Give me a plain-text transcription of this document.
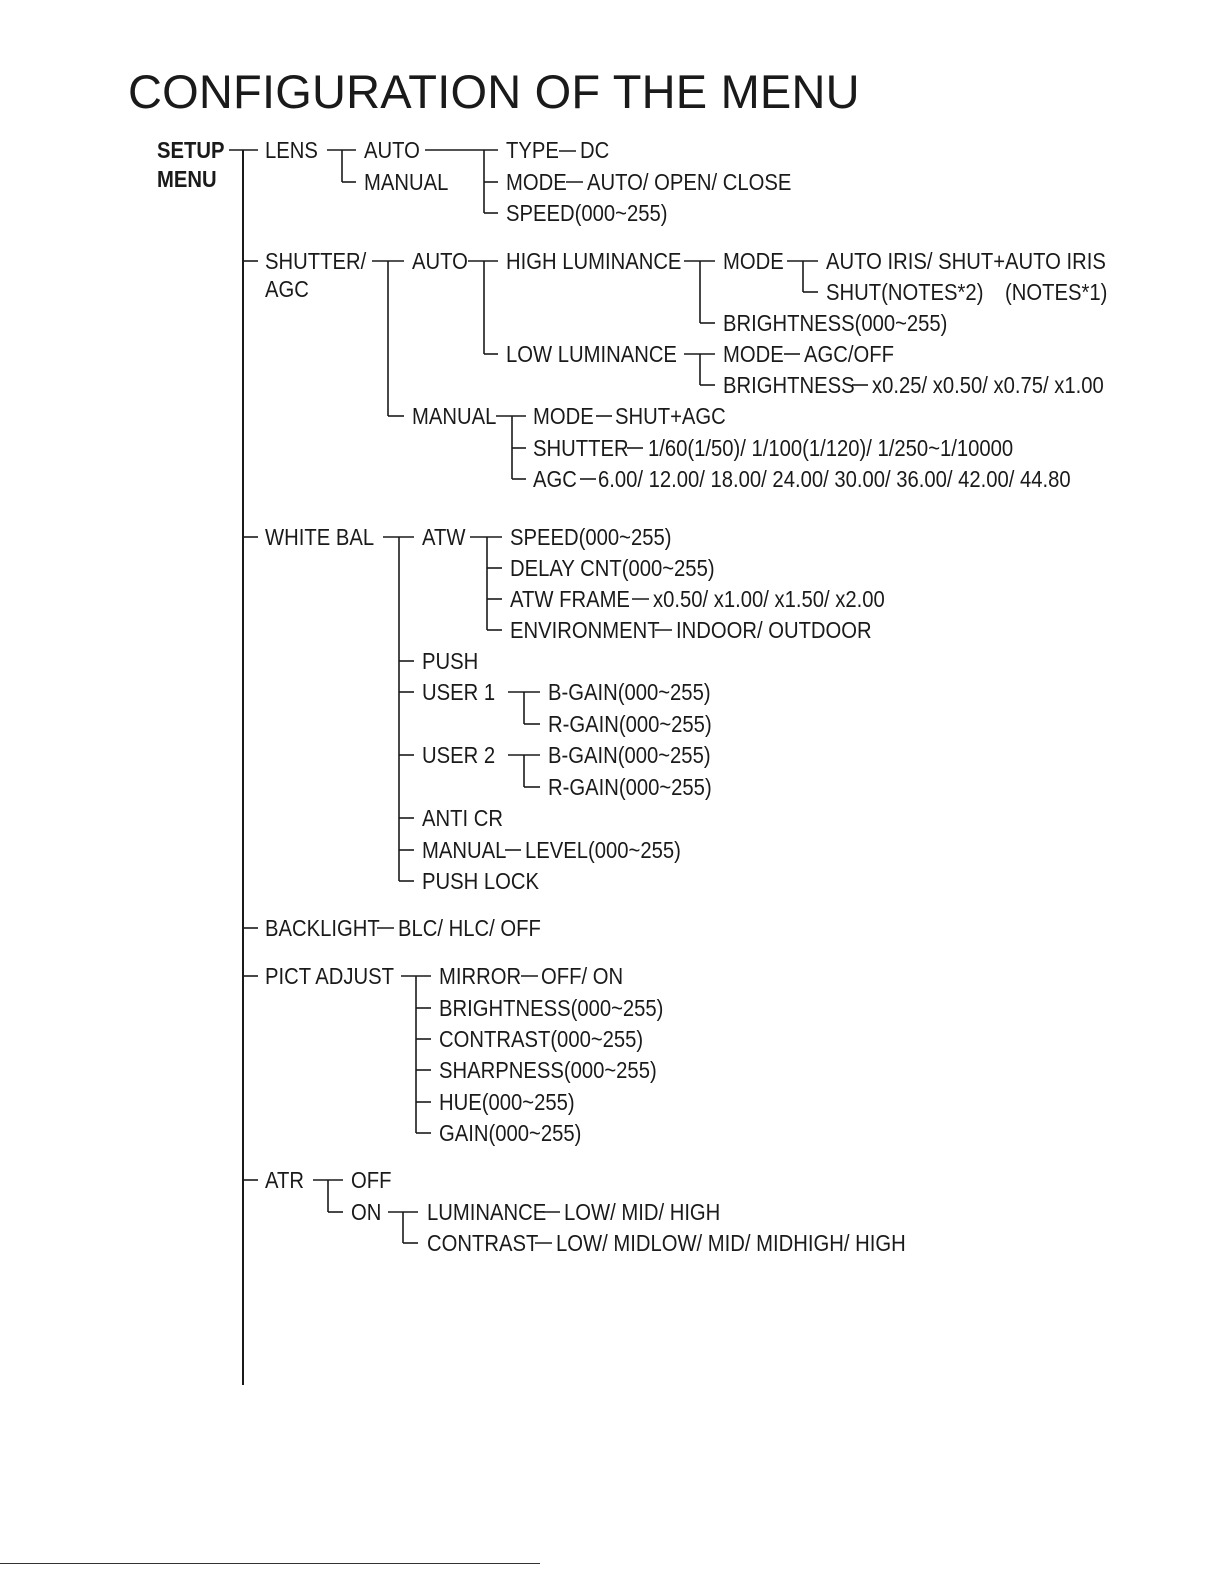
CONFIGURATION OF THE MENU
SETUP
MENU
LENS AUTO
MANUAL
TYPE DC
MODE AUTO/ OPEN/ CLOSE
SPEED(000~255)
SHUTTER/
AGC
AUTO HIGH LUMINANCE MODE AUTO IRIS/ SHUT+AUTO IRIS
SHUT(NOTES*2) (NOTES*1)
BRIGHTNESS(000~255)
LOW LUMINANCE MODE AGC/OFF
BRIGHTNESS x0.25/ x0.50/ x0.75/ x1.00
MANUAL MODE SHUT+AGC
SHUTTER 1/60(1/50)/ 1/100(1/120)/ 1/250~1/10000
AGC 6.00/ 12.00/ 18.00/ 24.00/ 30.00/ 36.00/ 42.00/ 44.80
WHITE BAL ATW SPEED(000~255)
DELAY CNT(000~255)
ATW FRAME x0.50/ x1.00/ x1.50/ x2.00
ENVIRONMENT INDOOR/ OUTDOOR
PUSH
USER 1 B-GAIN(000~255)
R-GAIN(000~255)
USER 2 B-GAIN(000~255)
R-GAIN(000~255)
ANTI CR
MANUAL LEVEL(000~255)
PUSH LOCK
BACKLIGHT BLC/ HLC/ OFF
PICT ADJUST MIRROR OFF/ ON
BRIGHTNESS(000~255)
CONTRAST(000~255)
SHARPNESS(000~255)
HUE(000~255)
GAIN(000~255)
ATR OFF
ON LUMINANCE LOW/ MID/ HIGH
CONTRAST LOW/ MIDLOW/ MID/ MIDHIGH/ HIGH
